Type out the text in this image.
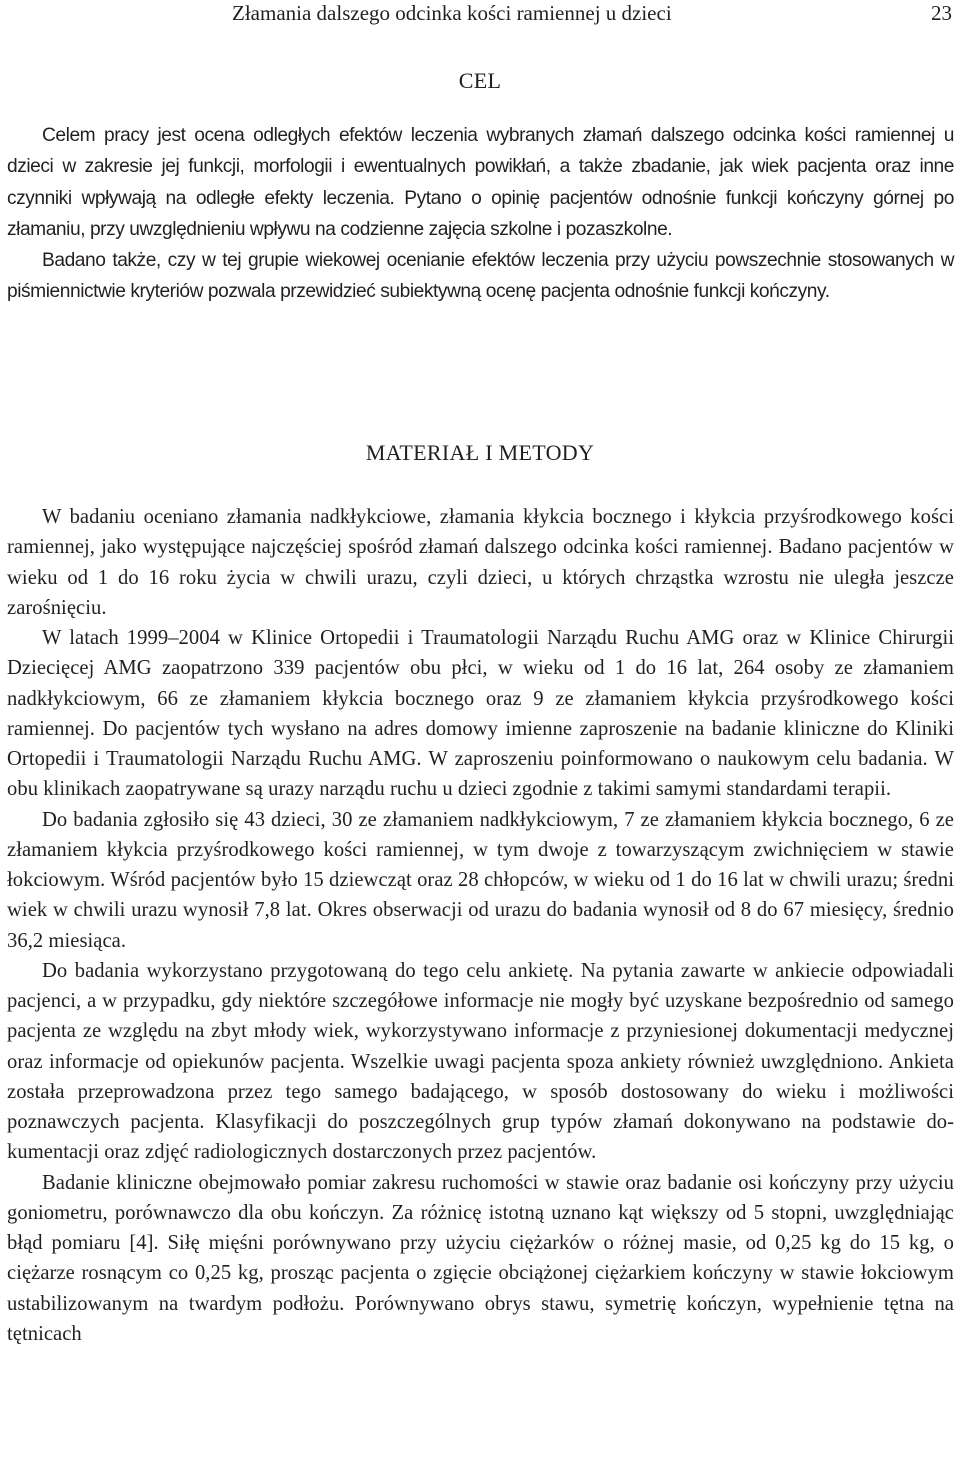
Złamania dalszego odcinka kości ramiennej u dzieci	23
CEL

Celem pracy jest ocena odległych efektów leczenia wybranych złamań dalszego odcinka kości ramiennej u dzieci w zakresie jej funkcji, morfologii i ewentualnych powikłań, a także zbadanie, jak wiek pacjenta oraz inne czynniki wpływają na odległe efekty leczenia. Pytano o opinię pacjentów odnośnie funkcji kończyny górnej po złamaniu, przy uwzględnieniu wpływu na codzienne zajęcia szkolne i pozaszkolne.

Badano także, czy w tej grupie wiekowej ocenianie efektów leczenia przy użyciu powszechnie stosowanych w piśmiennictwie kryteriów pozwala przewidzieć subiektywną ocenę pacjenta odnośnie funkcji kończyny.

MATERIAŁ I METODY

W badaniu oceniano złamania nadkłykciowe, złamania kłykcia bocznego i kłykcia przyśrodkowego kości ramiennej, jako występujące najczęściej spośród złamań dalszego odcinka kości ramiennej. Badano pacjentów w wieku od 1 do 16 roku życia w chwili urazu, czyli dzieci, u których chrząstka wzrostu nie uległa jeszcze zarośnięciu.

W latach 1999–2004 w Klinice Ortopedii i Traumatologii Narządu Ruchu AMG oraz w Klinice Chirurgii Dziecięcej AMG zaopatrzono 339 pacjentów obu płci, w wieku od 1 do 16 lat, 264 osoby ze złamaniem nadkłykciowym, 66 ze złamaniem kłykcia bocznego oraz 9 ze złamaniem kłykcia przyśrodkowego kości ramiennej. Do pacjentów tych wysłano na adres domowy imienne zaproszenie na badanie kliniczne do Kliniki Ortopedii i Traumatologii Narządu Ruchu AMG. W zaproszeniu poinformowano o naukowym celu badania. W obu klinikach zaopatrywane są urazy narządu ruchu u dzieci zgodnie z takimi samymi standardami terapii.

Do badania zgłosiło się 43 dzieci, 30 ze złamaniem nadkłykciowym, 7 ze złamaniem kłykcia bocznego, 6 ze złamaniem kłykcia przyśrodkowego kości ramiennej, w tym dwoje z towarzyszącym zwichnięciem w stawie łokciowym. Wśród pacjentów było 15 dziewcząt oraz 28 chłopców, w wieku od 1 do 16 lat w chwili urazu; średni wiek w chwili urazu wynosił 7,8 lat. Okres obserwacji od urazu do badania wynosił od 8 do 67 miesięcy, średnio 36,2 miesiąca.

Do badania wykorzystano przygotowaną do tego celu ankietę. Na pytania zawarte w ankiecie odpowiadali pacjenci, a w przypadku, gdy niektóre szczegółowe informacje nie mogły być uzyskane bezpośrednio od samego pacjenta ze względu na zbyt młody wiek, wykorzystywano informacje z przyniesionej dokumentacji medycznej oraz informacje od opiekunów pacjenta. Wszelkie uwagi pacjenta spoza ankiety również uwzględniono. Ankieta została przeprowadzona przez tego samego badającego, w sposób dostosowany do wieku i możliwości poznawczych pacjenta. Klasyfikacji do poszczególnych grup typów złamań dokonywano na podstawie dokumentacji oraz zdjęć radiologicznych dostarczonych przez pacjentów.

Badanie kliniczne obejmowało pomiar zakresu ruchomości w stawie oraz badanie osi kończyny przy użyciu goniometru, porównawczo dla obu kończyn. Za różnicę istotną uznano kąt większy od 5 stopni, uwzględniając błąd pomiaru [4]. Siłę mięśni porównywano przy użyciu ciężarków o różnej masie, od 0,25 kg do 15 kg, o ciężarze rosnącym co 0,25 kg, prosząc pacjenta o zgięcie obciążonej ciężarkiem kończyny w stawie łokciowym ustabilizowanym na twardym podłożu. Porównywano obrys stawu, symetrię kończyn, wypełnienie tętna na tętnicach
